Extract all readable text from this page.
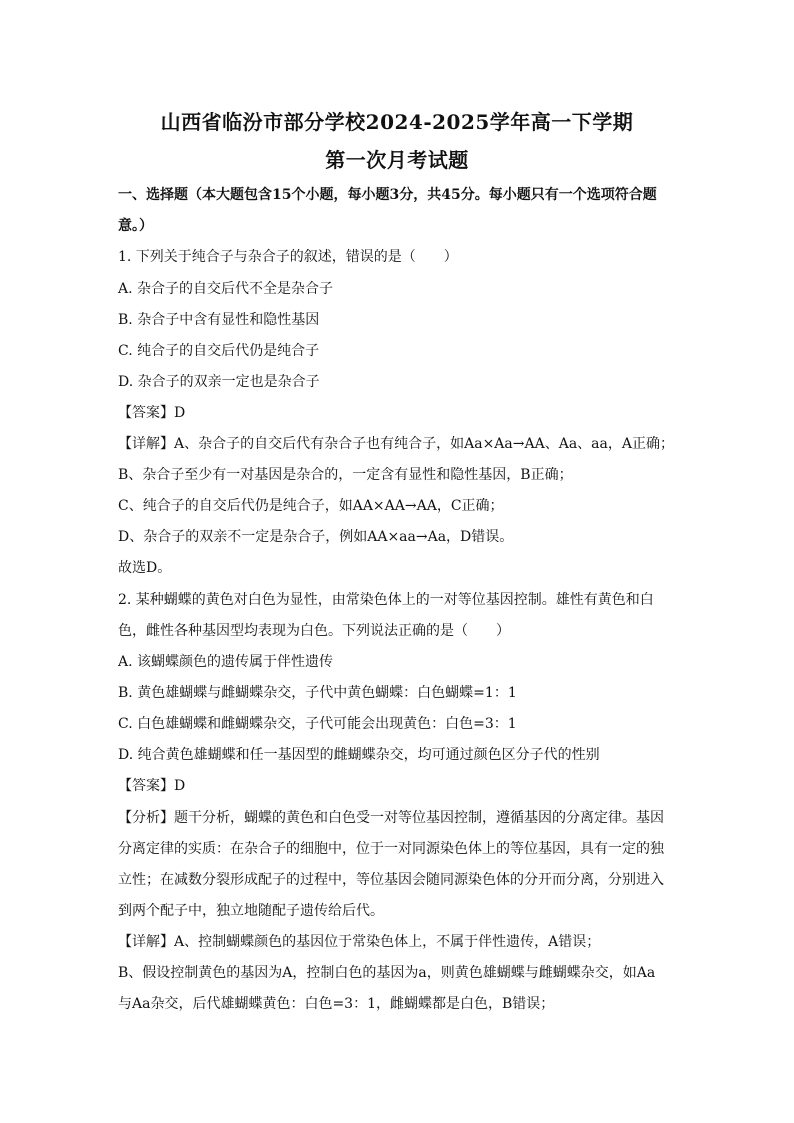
山西省临汾市部分学校2024-2025学年高一下学期
第一次月考试题
一、选择题（本大题包含15个小题，每小题3分，共45分。每小题只有一个选项符合题
意。）
1. 下列关于纯合子与杂合子的叙述，错误的是（　　）
A. 杂合子的自交后代不全是杂合子
B. 杂合子中含有显性和隐性基因
C. 纯合子的自交后代仍是纯合子
D. 杂合子的双亲一定也是杂合子
【答案】D
【详解】A、杂合子的自交后代有杂合子也有纯合子，如Aa×Aa→AA、Aa、aa，A正确；
B、杂合子至少有一对基因是杂合的，一定含有显性和隐性基因，B正确；
C、纯合子的自交后代仍是纯合子，如AA×AA→AA，C正确；
D、杂合子的双亲不一定是杂合子，例如AA×aa→Aa，D错误。
故选D。
2. 某种蝴蝶的黄色对白色为显性，由常染色体上的一对等位基因控制。雄性有黄色和白
色，雌性各种基因型均表现为白色。下列说法正确的是（　　）
A. 该蝴蝶颜色的遗传属于伴性遗传
B. 黄色雄蝴蝶与雌蝴蝶杂交，子代中黄色蝴蝶：白色蝴蝶=1：1
C. 白色雄蝴蝶和雌蝴蝶杂交，子代可能会出现黄色：白色=3：1
D. 纯合黄色雄蝴蝶和任一基因型的雌蝴蝶杂交，均可通过颜色区分子代的性别
【答案】D
【分析】题干分析，蝴蝶的黄色和白色受一对等位基因控制，遵循基因的分离定律。基因
分离定律的实质：在杂合子的细胞中，位于一对同源染色体上的等位基因，具有一定的独
立性；在减数分裂形成配子的过程中，等位基因会随同源染色体的分开而分离，分别进入
到两个配子中，独立地随配子遗传给后代。
【详解】A、控制蝴蝶颜色的基因位于常染色体上，不属于伴性遗传，A错误；
B、假设控制黄色的基因为A，控制白色的基因为a，则黄色雄蝴蝶与雌蝴蝶杂交，如Aa
与Aa杂交，后代雄蝴蝶黄色：白色=3：1，雌蝴蝶都是白色，B错误；
